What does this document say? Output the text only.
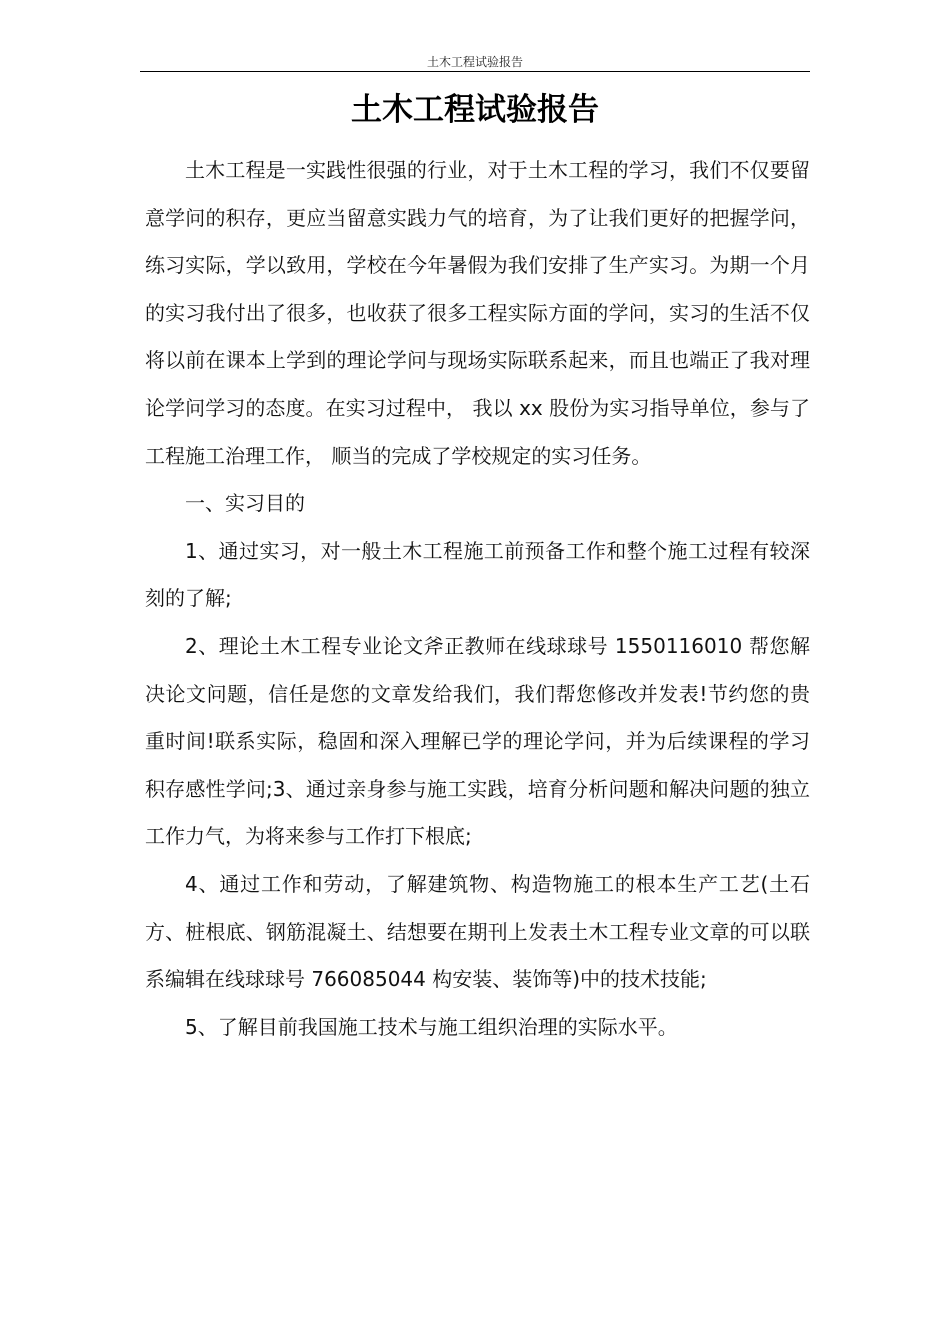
土木工程试验报告
土木工程试验报告

土木工程是一实践性很强的行业，对于土木工程的学习，我们不仅要留意学问的积存，更应当留意实践力气的培育，为了让我们更好的把握学问，练习实际，学以致用，学校在今年暑假为我们安排了生产实习。为期一个月的实习我付出了很多，也收获了很多工程实际方面的学问，实习的生活不仅将以前在课本上学到的理论学问与现场实际联系起来，而且也端正了我对理论学问学习的态度。在实习过程中， 我以 xx 股份为实习指导单位，参与了工程施工治理工作， 顺当的完成了学校规定的实习任务。

一、实习目的

1、通过实习，对一般土木工程施工前预备工作和整个施工过程有较深刻的了解;

2、理论土木工程专业论文斧正教师在线球球号 1550116010 帮您解决论文问题，信任是您的文章发给我们，我们帮您修改并发表!节约您的贵重时间!联系实际，稳固和深入理解已学的理论学问，并为后续课程的学习积存感性学问;3、通过亲身参与施工实践，培育分析问题和解决问题的独立工作力气，为将来参与工作打下根底;

4、通过工作和劳动，了解建筑物、构造物施工的根本生产工艺(土石方、桩根底、钢筋混凝土、结想要在期刊上发表土木工程专业文章的可以联系编辑在线球球号 766085044 构安装、装饰等)中的技术技能;

5、了解目前我国施工技术与施工组织治理的实际水平。
